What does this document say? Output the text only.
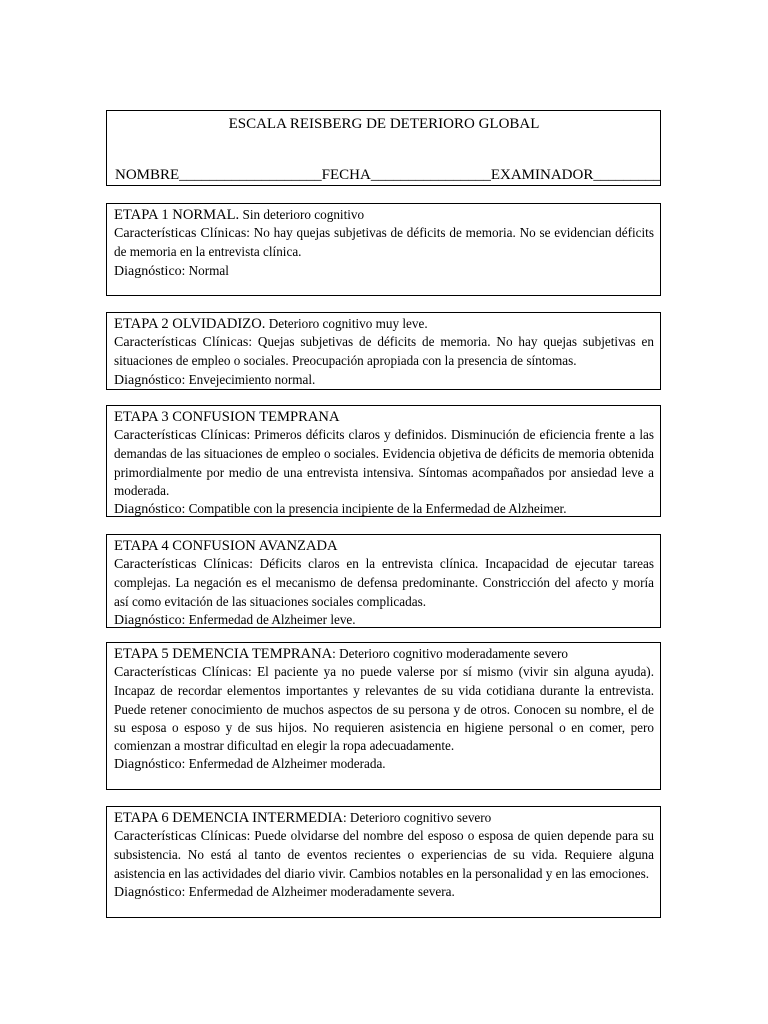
ESCALA REISBERG DE DETERIORO GLOBAL
NOMBRE___________________FECHA________________EXAMINADOR_________

ETAPA 1 NORMAL. Sin deterioro cognitivo

Características Clínicas: No hay quejas subjetivas de déficits de memoria. No se evidencian déficits de memoria en la entrevista clínica.

Diagnóstico: Normal

ETAPA 2 OLVIDADIZO. Deterioro cognitivo muy leve.

Características Clínicas: Quejas subjetivas de déficits de memoria. No hay quejas subjetivas en situaciones de empleo o sociales. Preocupación apropiada con la presencia de síntomas.

Diagnóstico: Envejecimiento normal.

ETAPA 3 CONFUSION TEMPRANA

Características Clínicas: Primeros déficits claros y definidos. Disminución de eficiencia frente a las demandas de las situaciones de empleo o sociales. Evidencia objetiva de déficits de memoria obtenida primordialmente por medio de una entrevista intensiva. Síntomas acompañados por ansiedad leve a moderada.

Diagnóstico: Compatible con la presencia incipiente de la Enfermedad de Alzheimer.

ETAPA 4 CONFUSION AVANZADA

Características Clínicas: Déficits claros en la entrevista clínica. Incapacidad de ejecutar tareas complejas. La negación es el mecanismo de defensa predominante. Constricción del afecto y moría así como evitación de las situaciones sociales complicadas.

Diagnóstico: Enfermedad de Alzheimer leve.

ETAPA 5 DEMENCIA TEMPRANA: Deterioro cognitivo moderadamente severo

Características Clínicas: El paciente ya no puede valerse por sí mismo (vivir sin alguna ayuda). Incapaz de recordar elementos importantes y relevantes de su vida cotidiana durante la entrevista. Puede retener conocimiento de muchos aspectos de su persona y de otros. Conocen su nombre, el de su esposa o esposo y de sus hijos. No requieren asistencia en higiene personal o en comer, pero comienzan a mostrar dificultad en elegir la ropa adecuadamente.

Diagnóstico: Enfermedad de Alzheimer moderada.

ETAPA 6 DEMENCIA INTERMEDIA: Deterioro cognitivo severo

Características Clínicas: Puede olvidarse del nombre del esposo o esposa de quien depende para su subsistencia. No está al tanto de eventos recientes o experiencias de su vida. Requiere alguna asistencia en las actividades del diario vivir. Cambios notables en la personalidad y en las emociones.

Diagnóstico: Enfermedad de Alzheimer moderadamente severa.
